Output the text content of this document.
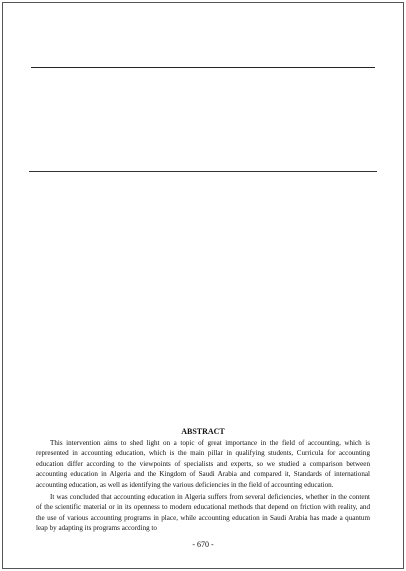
ABSTRACT

This intervention aims to shed light on a topic of great importance in the field of accounting, which is represented in accounting education, which is the main pillar in qualifying students, Curricula for accounting education differ according to the viewpoints of specialists and experts, so we studied a comparison between accounting education in Algeria and the Kingdom of Saudi Arabia and compared it, Standards of international accounting education, as well as identifying the various deficiencies in the field of accounting education.

It was concluded that accounting education in Algeria suffers from several deficiencies, whether in the content of the scientific material or in its openness to modern educational methods that depend on friction with reality, and the use of various accounting programs in place, while accounting education in Saudi Arabia has made a quantum leap by adapting its programs according to

- 670 -
